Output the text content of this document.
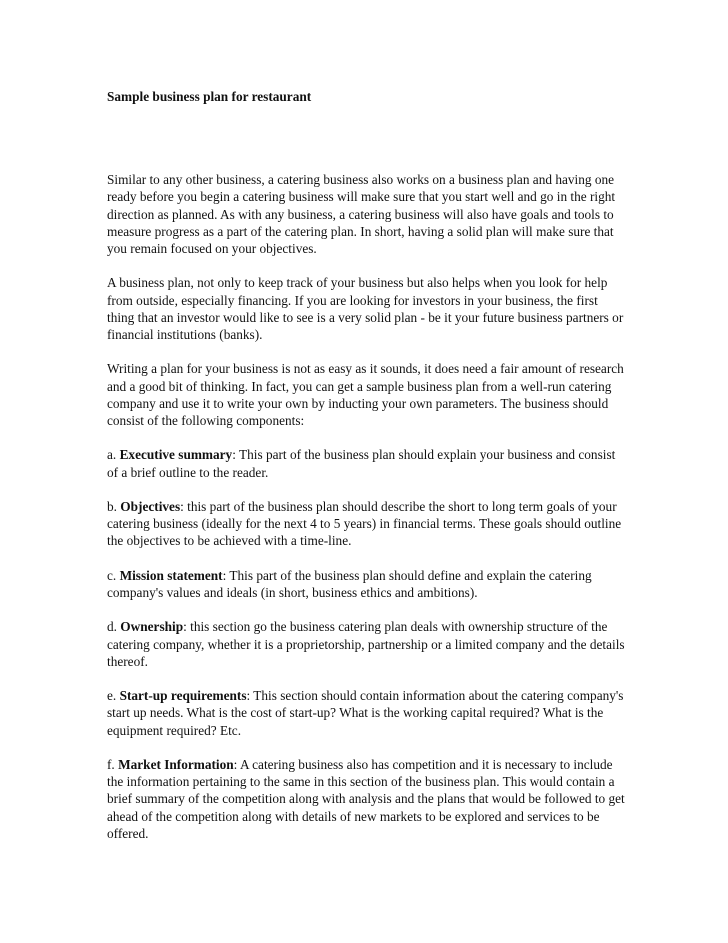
Sample business plan for restaurant

Similar to any other business, a catering business also works on a business plan and having one ready before you begin a catering business will make sure that you start well and go in the right direction as planned. As with any business, a catering business will also have goals and tools to measure progress as a part of the catering plan. In short, having a solid plan will make sure that you remain focused on your objectives.

A business plan, not only to keep track of your business but also helps when you look for help from outside, especially financing. If you are looking for investors in your business, the first thing that an investor would like to see is a very solid plan - be it your future business partners or financial institutions (banks).

Writing a plan for your business is not as easy as it sounds, it does need a fair amount of research and a good bit of thinking. In fact, you can get a sample business plan from a well-run catering company and use it to write your own by inducting your own parameters. The business should consist of the following components:

a. Executive summary: This part of the business plan should explain your business and consist of a brief outline to the reader.

b. Objectives: this part of the business plan should describe the short to long term goals of your catering business (ideally for the next 4 to 5 years) in financial terms. These goals should outline the objectives to be achieved with a time-line.

c. Mission statement: This part of the business plan should define and explain the catering company's values and ideals (in short, business ethics and ambitions).

d. Ownership: this section go the business catering plan deals with ownership structure of the catering company, whether it is a proprietorship, partnership or a limited company and the details thereof.

e. Start-up requirements: This section should contain information about the catering company's start up needs. What is the cost of start-up? What is the working capital required? What is the equipment required? Etc.

f. Market Information: A catering business also has competition and it is necessary to include the information pertaining to the same in this section of the business plan. This would contain a brief summary of the competition along with analysis and the plans that would be followed to get ahead of the competition along with details of new markets to be explored and services to be offered.
